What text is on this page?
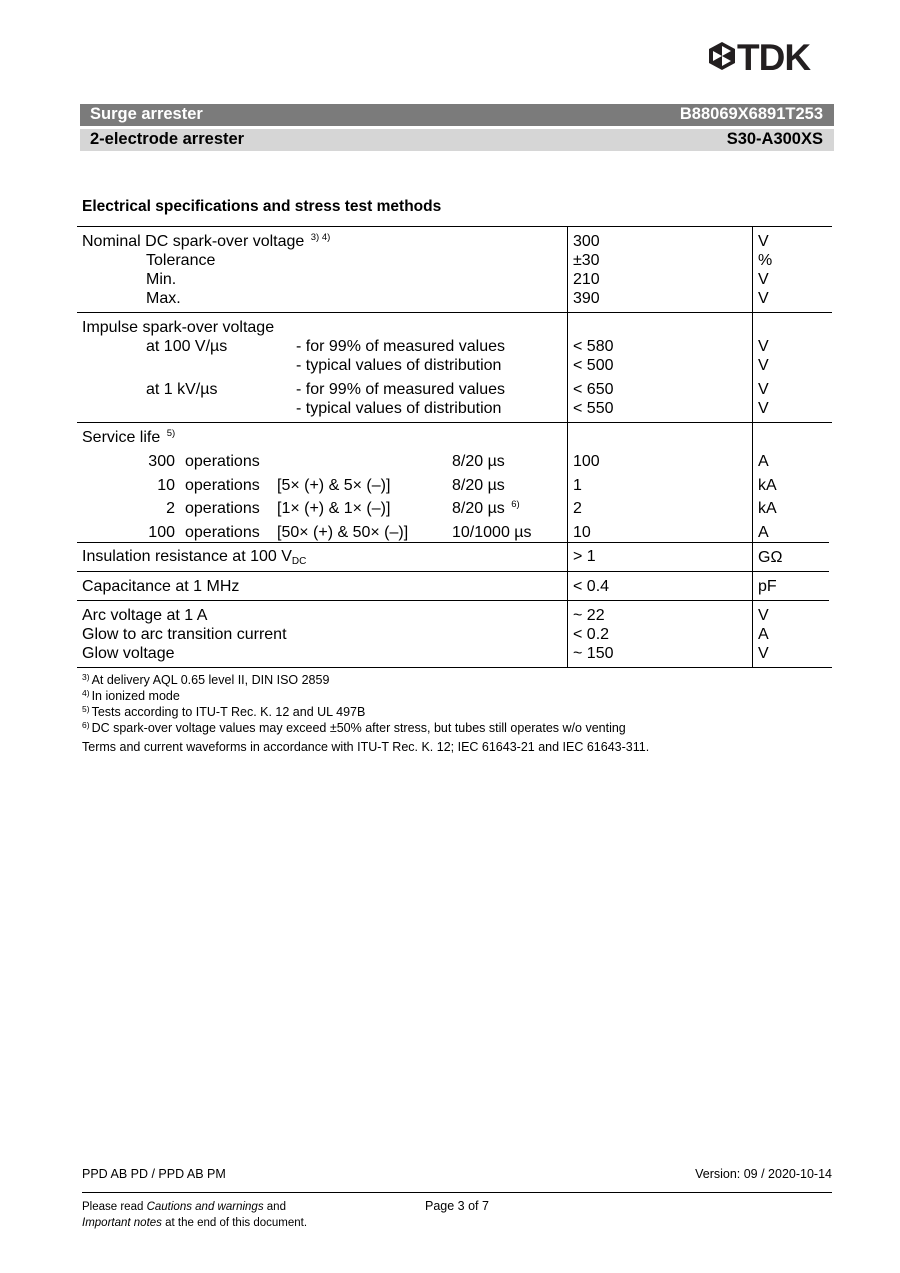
TDK
Surge arrester	B88069X6891T253
2-electrode arrester	S30-A300XS
Electrical specifications and stress test methods
Nominal DC spark-over voltage $^{3) 4)}$	300	V
Tolerance	±30	%
Min.	210	V
Max.	390	V
Impulse spark-over voltage
at 100 V/µs	- for 99% of measured values	< 580	V
- typical values of distribution	< 500	V
at 1 kV/µs	- for 99% of measured values	< 650	V
- typical values of distribution	< 550	V
Service life $^{5)}$
300 operations	8/20 µs	100	A
10 operations [5× (+) & 5× (–)]	8/20 µs	1	kA
2 operations [1× (+) & 1× (–)]	8/20 µs $^{6)}$	2	kA
100 operations [50× (+) & 50× (–)]	10/1000 µs	10	A
Insulation resistance at 100 VDC	> 1	GΩ
Capacitance at 1 MHz	< 0.4	pF
Arc voltage at 1 A	~ 22	V
Glow to arc transition current	< 0.2	A
Glow voltage	~ 150	V
$^{3)}$ At delivery AQL 0.65 level II, DIN ISO 2859
$^{4)}$ In ionized mode
$^{5)}$ Tests according to ITU-T Rec. K. 12 and UL 497B
$^{6)}$ DC spark-over voltage values may exceed ±50% after stress, but tubes still operates w/o venting
Terms and current waveforms in accordance with ITU-T Rec. K. 12; IEC 61643-21 and IEC 61643-311.
PPD AB PD / PPD AB PM	Version: 09 / 2020-10-14
Please read Cautions and warnings and
Important notes at the end of this document.
Page 3 of 7
